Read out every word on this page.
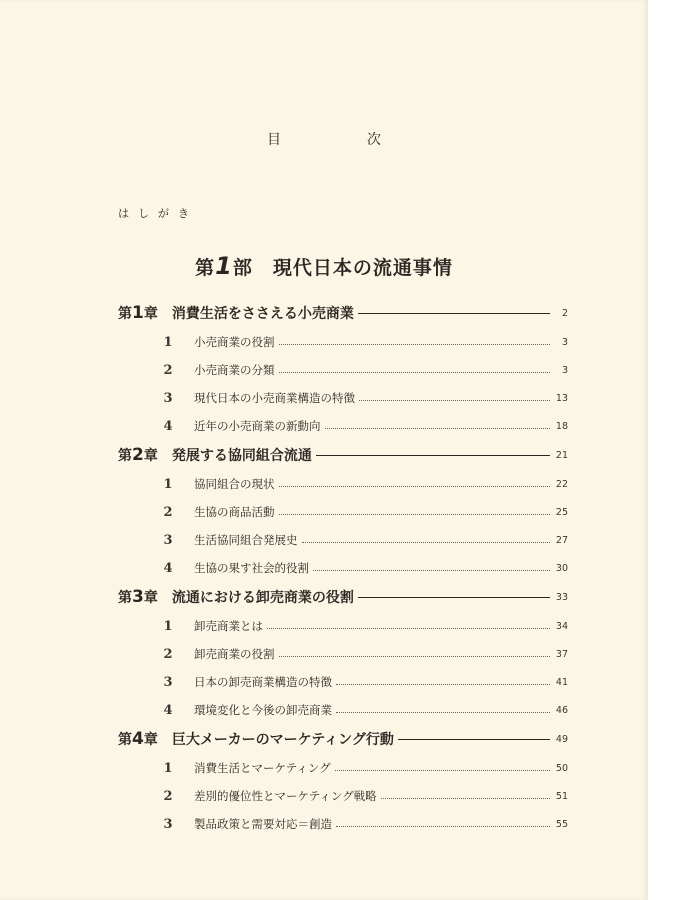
目　次
はしがき
第1部　 現代日本の流通事情
第1章 消費生活をささえる小売商業	2
1	小売商業の役割	3
2	小売商業の分類	3
3	現代日本の小売商業構造の特徴	13
4	近年の小売商業の新動向	18
第2章 発展する協同組合流通	21
1	協同組合の現状	22
2	生協の商品活動	25
3	生活協同組合発展史	27
4	生協の果す社会的役割	30
第3章 流通における卸売商業の役割	33
1	卸売商業とは	34
2	卸売商業の役割	37
3	日本の卸売商業構造の特徴	41
4	環境変化と今後の卸売商業	46
第4章 巨大メーカーのマーケティング行動	49
1	消費生活とマーケティング	50
2	差別的優位性とマーケティング戦略	51
3	製品政策と需要対応＝創造	55
